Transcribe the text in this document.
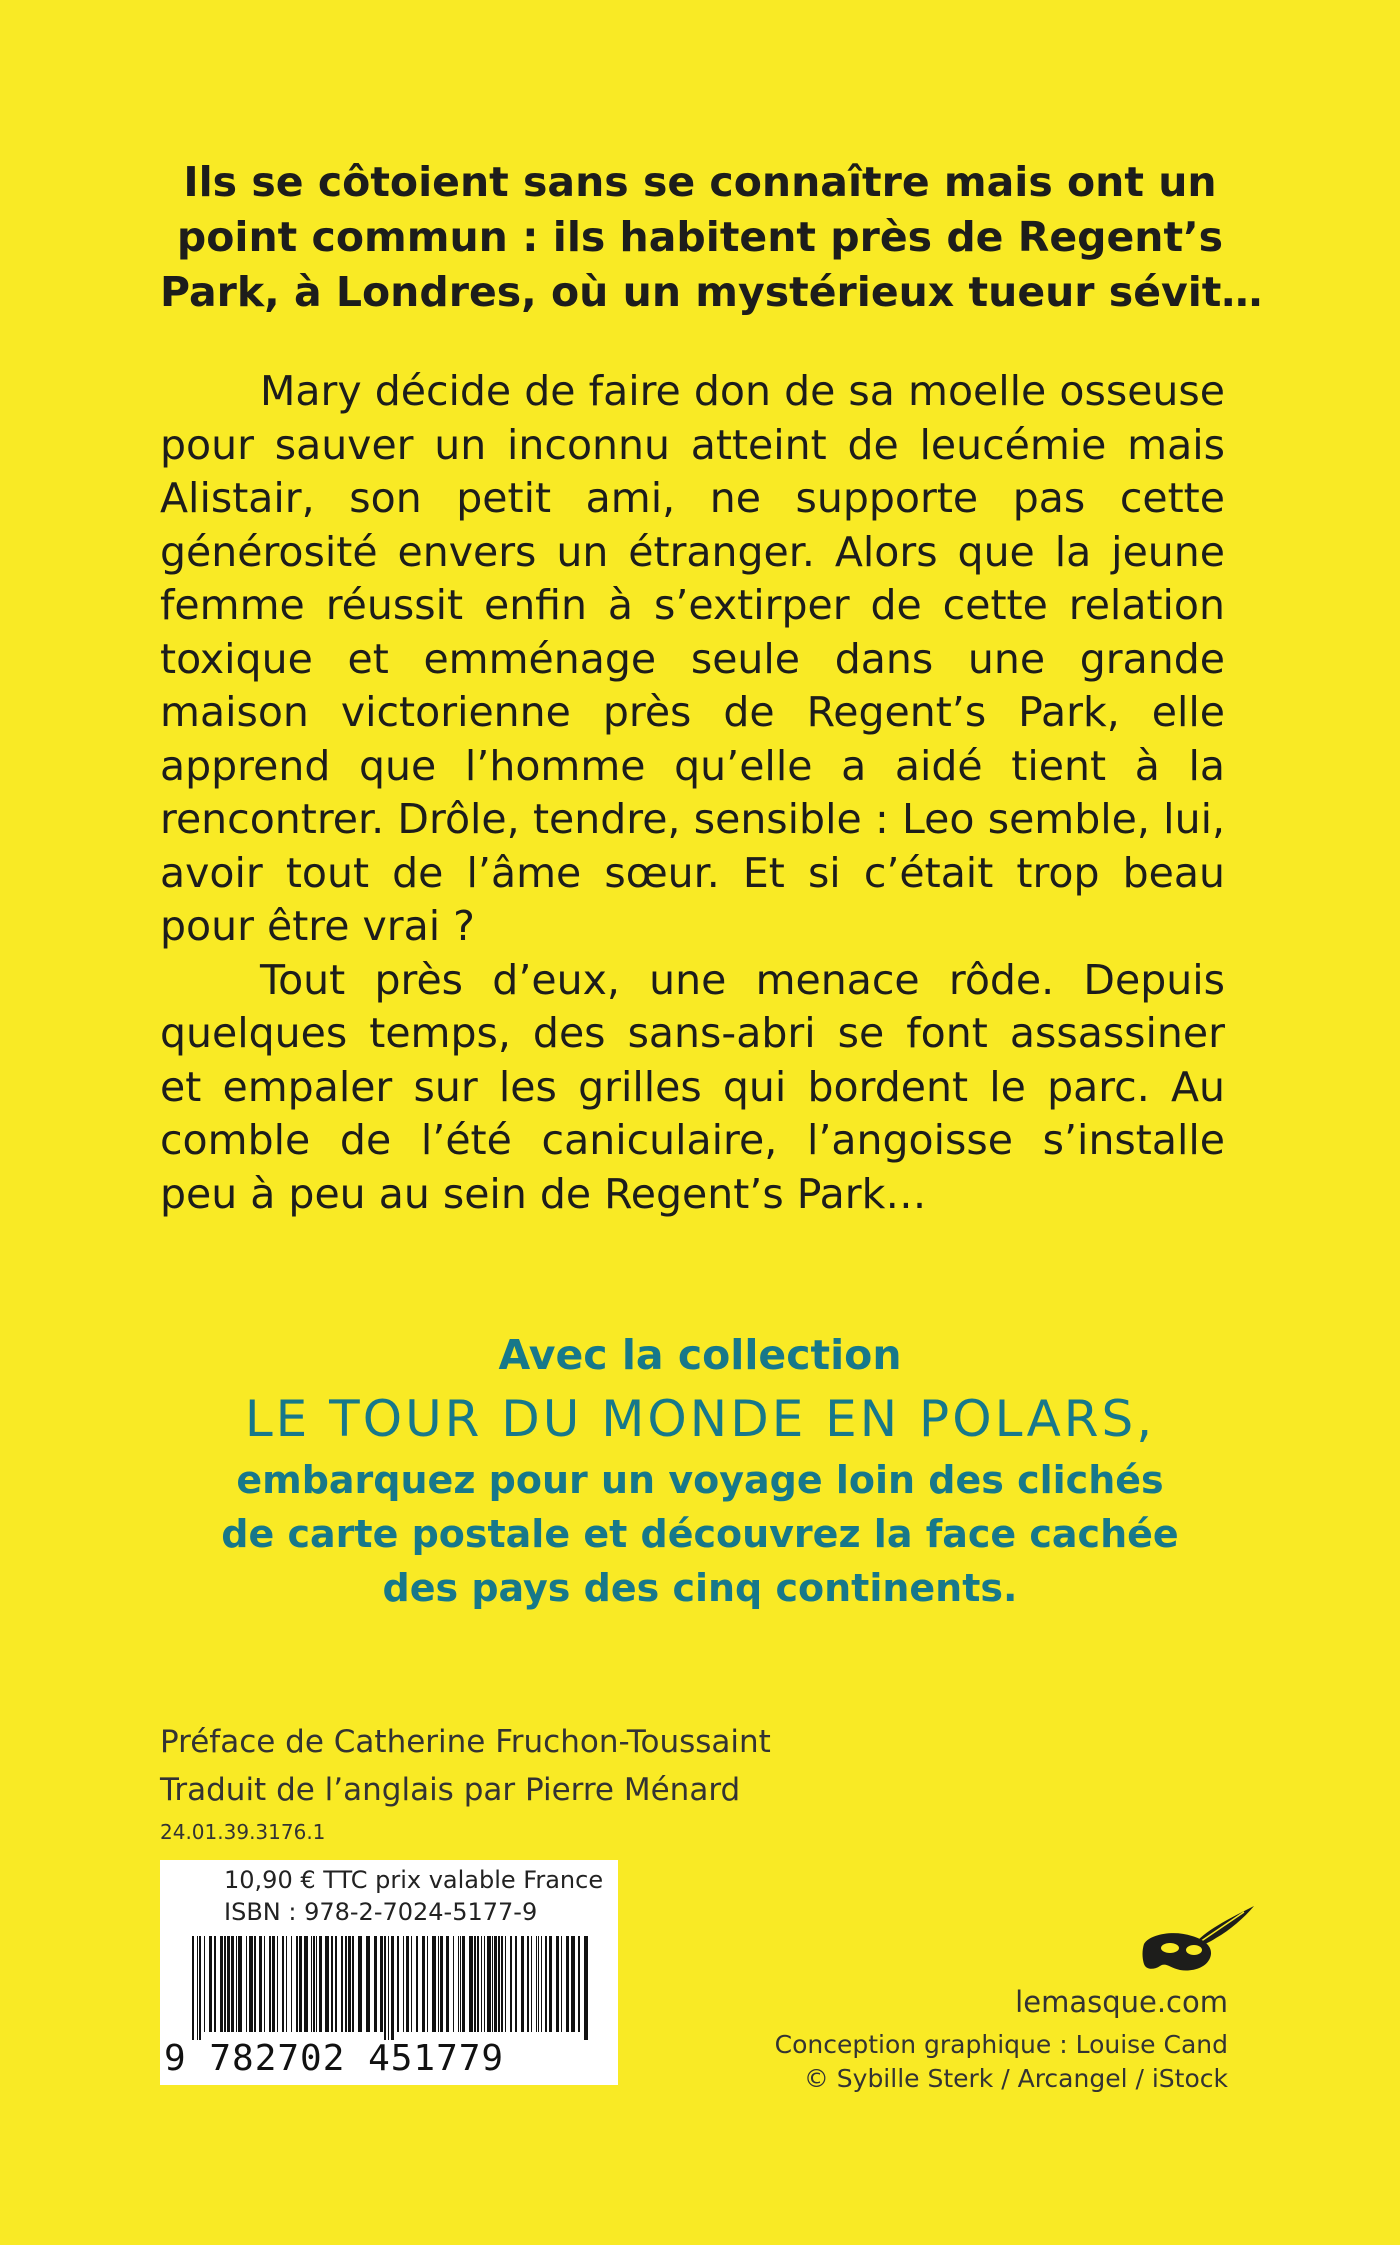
Ils se côtoient sans se connaître mais ont un
point commun : ils habitent près de Regent’s
Park, à Londres, où un mystérieux tueur sévit…

Mary décide de faire don de sa moelle osseuse pour sauver un inconnu atteint de leucémie mais Alistair, son petit ami, ne supporte pas cette générosité envers un étranger. Alors que la jeune femme réussit enfin à s’extirper de cette relation toxique et emménage seule dans une grande maison victorienne près de Regent’s Park, elle apprend que l’homme qu’elle a aidé tient à la rencontrer. Drôle, tendre, sensible : Leo semble, lui, avoir tout de l’âme sœur. Et si c’était trop beau pour être vrai ?

Tout près d’eux, une menace rôde. Depuis quelques temps, des sans-abri se font assassiner et empaler sur les grilles qui bordent le parc. Au comble de l’été caniculaire, l’angoisse s’installe peu à peu au sein de Regent’s Park…

Avec la collection
LE TOUR DU MONDE EN POLARS,
embarquez pour un voyage loin des clichés
de carte postale et découvrez la face cachée
des pays des cinq continents.
Préface de Catherine Fruchon-Toussaint
Traduit de l’anglais par Pierre Ménard
24.01.39.3176.1
10,90 € TTC prix valable France
ISBN : 978-2-7024-5177-9
9 782702 451779
lemasque.com
Conception graphique : Louise Cand
© Sybille Sterk / Arcangel / iStock
